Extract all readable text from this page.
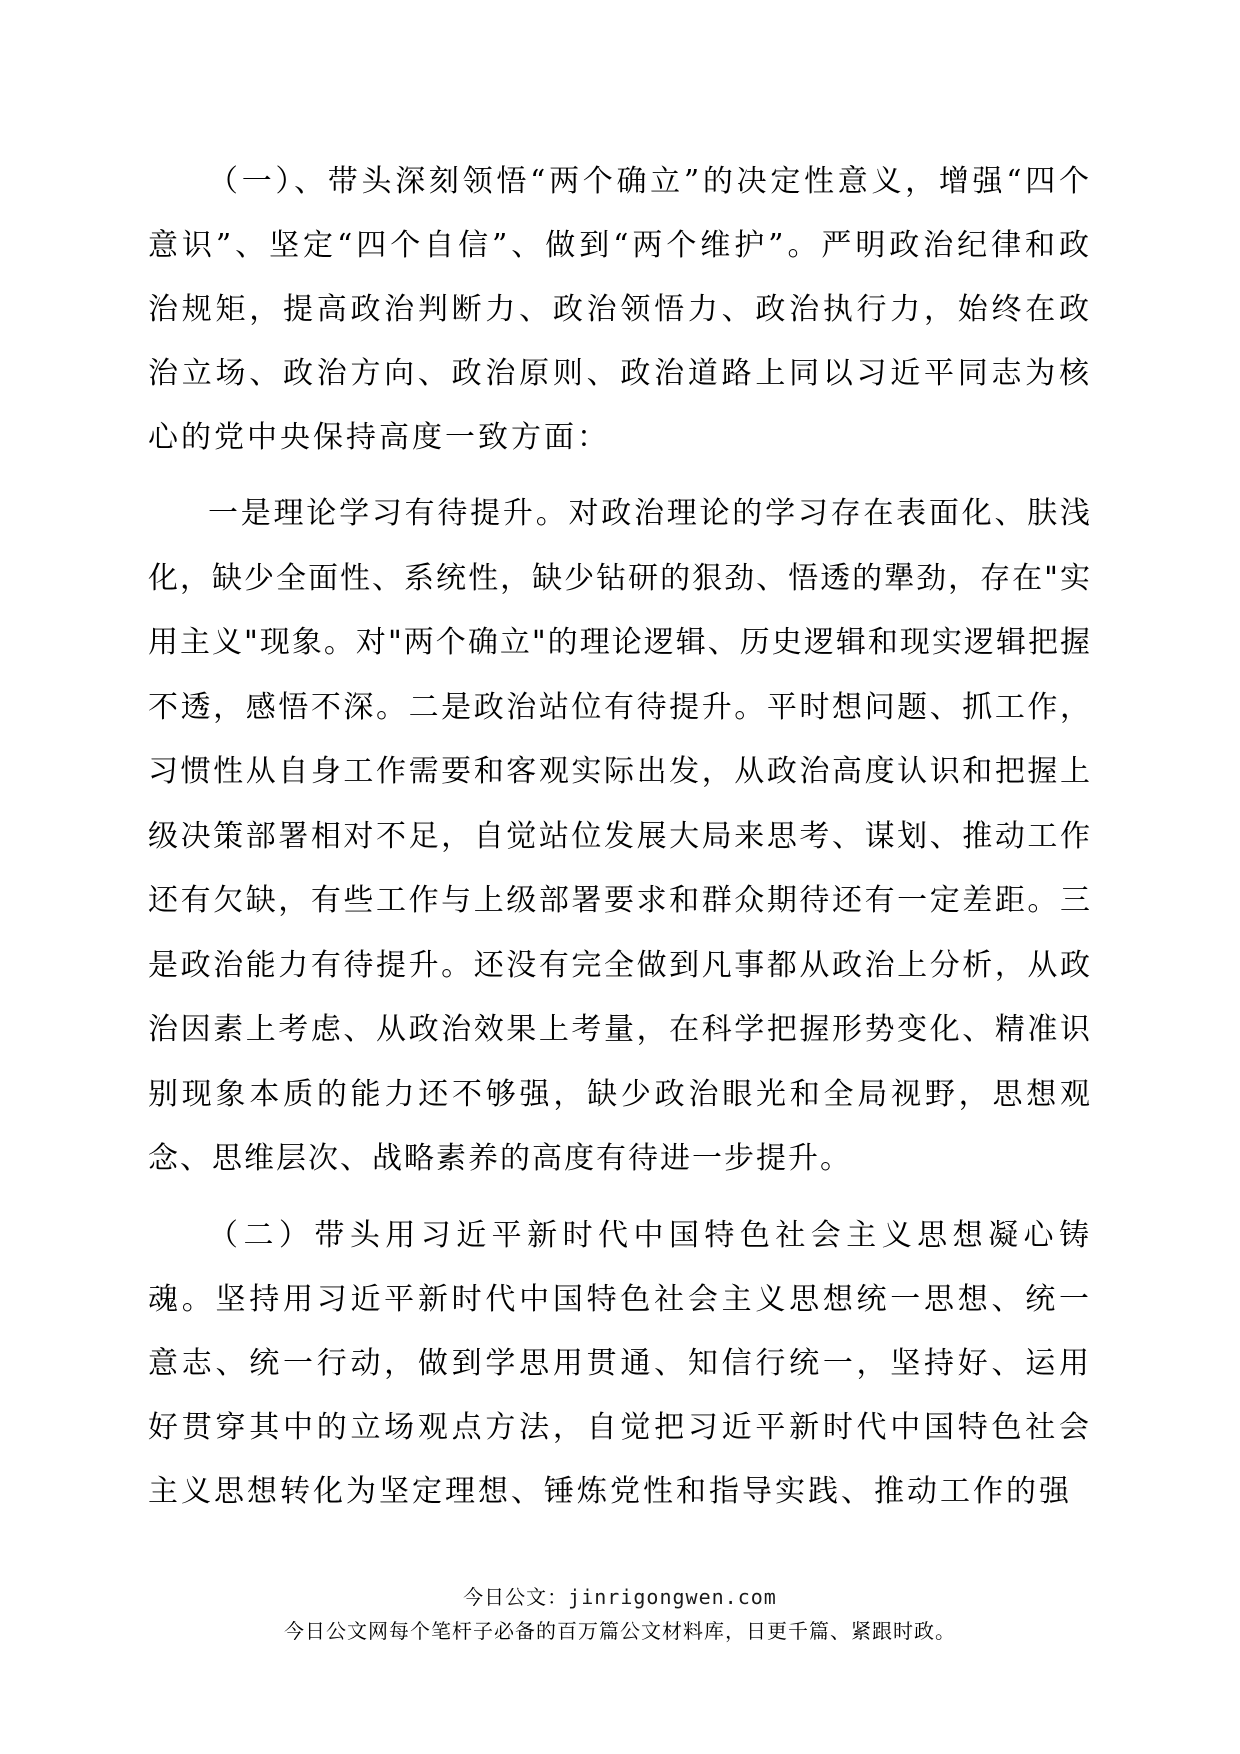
（一）、带头深刻领悟“两个确立”的决定性意义，增强“四个意识”、坚定“四个自信”、做到“两个维护”。严明政治纪律和政治规矩，提高政治判断力、政治领悟力、政治执行力，始终在政治立场、政治方向、政治原则、政治道路上同以习近平同志为核心的党中央保持高度一致方面：

一是理论学习有待提升。对政治理论的学习存在表面化、肤浅化，缺少全面性、系统性，缺少钻研的狠劲、悟透的犟劲，存在"实用主义"现象。对"两个确立"的理论逻辑、历史逻辑和现实逻辑把握不透，感悟不深。二是政治站位有待提升。平时想问题、抓工作，习惯性从自身工作需要和客观实际出发，从政治高度认识和把握上级决策部署相对不足，自觉站位发展大局来思考、谋划、推动工作还有欠缺，有些工作与上级部署要求和群众期待还有一定差距。三是政治能力有待提升。还没有完全做到凡事都从政治上分析，从政治因素上考虑、从政治效果上考量，在科学把握形势变化、精准识别现象本质的能力还不够强，缺少政治眼光和全局视野，思想观念、思维层次、战略素养的高度有待进一步提升。

（二）带头用习近平新时代中国特色社会主义思想凝心铸魂。坚持用习近平新时代中国特色社会主义思想统一思想、统一意志、统一行动，做到学思用贯通、知信行统一，坚持好、运用好贯穿其中的立场观点方法，自觉把习近平新时代中国特色社会主义思想转化为坚定理想、锤炼党性和指导实践、推动工作的强

今日公文：jinrigongwen.com
今日公文网每个笔杆子必备的百万篇公文材料库，日更千篇、紧跟时政。
